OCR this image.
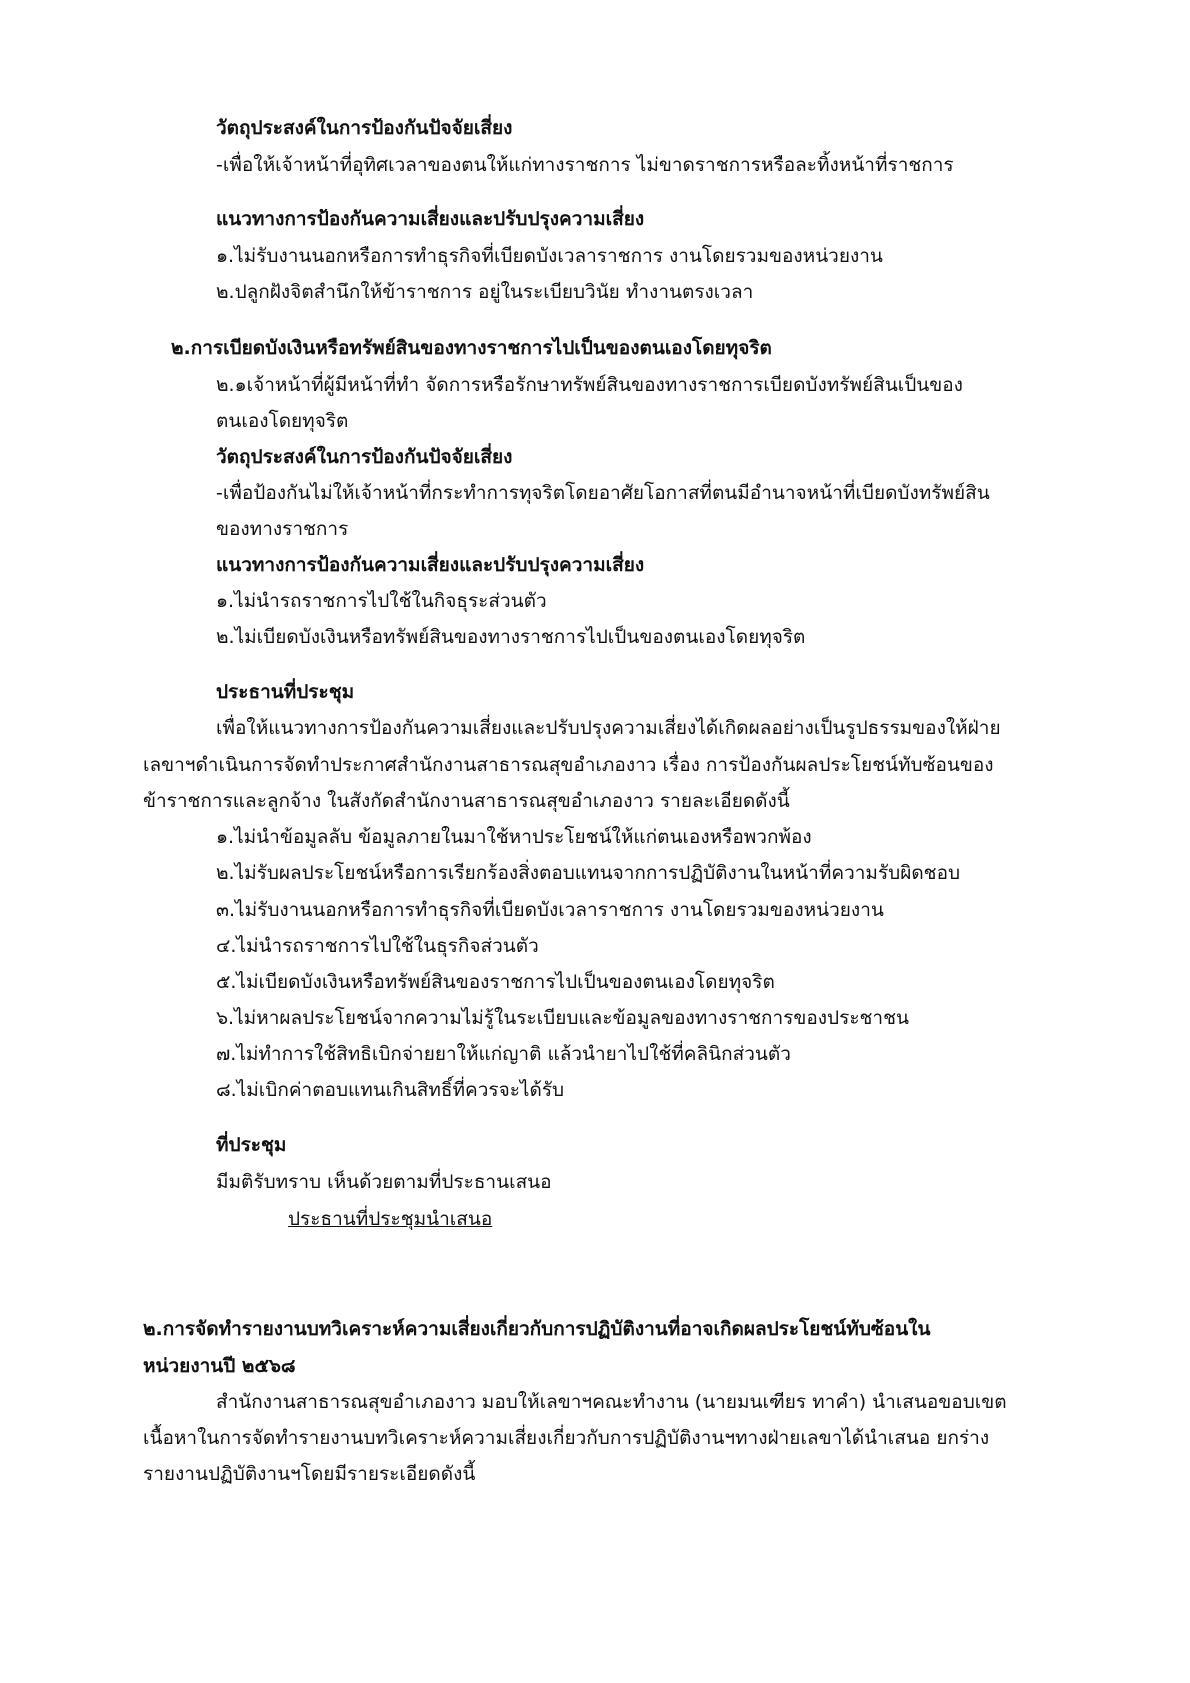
วัตถุประสงค์ในการป้องกันปัจจัยเสี่ยง
-เพื่อให้เจ้าหน้าที่อุทิศเวลาของตนให้แก่ทางราชการ ไม่ขาดราชการหรือละทิ้งหน้าที่ราชการ
แนวทางการป้องกันความเสี่ยงและปรับปรุงความเสี่ยง
๑.ไม่รับงานนอกหรือการทำธุรกิจที่เบียดบังเวลาราชการ งานโดยรวมของหน่วยงาน
๒.ปลูกฝังจิตสำนึกให้ข้าราชการ อยู่ในระเบียบวินัย ทำงานตรงเวลา
๒.การเบียดบังเงินหรือทรัพย์สินของทางราชการไปเป็นของตนเองโดยทุจริต
๒.๑เจ้าหน้าที่ผู้มีหน้าที่ทำ จัดการหรือรักษาทรัพย์สินของทางราชการเบียดบังทรัพย์สินเป็นของ
ตนเองโดยทุจริต
วัตถุประสงค์ในการป้องกันปัจจัยเสี่ยง
-เพื่อป้องกันไม่ให้เจ้าหน้าที่กระทำการทุจริตโดยอาศัยโอกาสที่ตนมีอำนาจหน้าที่เบียดบังทรัพย์สิน
ของทางราชการ
แนวทางการป้องกันความเสี่ยงและปรับปรุงความเสี่ยง
๑.ไม่นำรถราชการไปใช้ในกิจธุระส่วนตัว
๒.ไม่เบียดบังเงินหรือทรัพย์สินของทางราชการไปเป็นของตนเองโดยทุจริต
ประธานที่ประชุม
เพื่อให้แนวทางการป้องกันความเสี่ยงและปรับปรุงความเสี่ยงได้เกิดผลอย่างเป็นรูปธรรมของให้ฝ่าย
เลขาฯดำเนินการจัดทำประกาศสำนักงานสาธารณสุขอำเภองาว เรื่อง การป้องกันผลประโยชน์ทับซ้อนของ
ข้าราชการและลูกจ้าง ในสังกัดสำนักงานสาธารณสุขอำเภองาว รายละเอียดดังนี้
๑.ไม่นำข้อมูลลับ ข้อมูลภายในมาใช้หาประโยชน์ให้แก่ตนเองหรือพวกพ้อง
๒.ไม่รับผลประโยชน์หรือการเรียกร้องสิ่งตอบแทนจากการปฏิบัติงานในหน้าที่ความรับผิดชอบ
๓.ไม่รับงานนอกหรือการทำธุรกิจที่เบียดบังเวลาราชการ งานโดยรวมของหน่วยงาน
๔.ไม่นำรถราชการไปใช้ในธุรกิจส่วนตัว
๕.ไม่เบียดบังเงินหรือทรัพย์สินของราชการไปเป็นของตนเองโดยทุจริต
๖.ไม่หาผลประโยชน์จากความไม่รู้ในระเบียบและข้อมูลของทางราชการของประชาชน
๗.ไม่ทำการใช้สิทธิเบิกจ่ายยาให้แก่ญาติ แล้วนำยาไปใช้ที่คลินิกส่วนตัว
๘.ไม่เบิกค่าตอบแทนเกินสิทธิ์ที่ควรจะได้รับ
ที่ประชุม
มีมติรับทราบ เห็นด้วยตามที่ประธานเสนอ
ประธานที่ประชุมนำเสนอ
๒.การจัดทำรายงานบทวิเคราะห์ความเสี่ยงเกี่ยวกับการปฏิบัติงานที่อาจเกิดผลประโยชน์ทับซ้อนใน
หน่วยงานปี ๒๕๖๘
สำนักงานสาธารณสุขอำเภองาว มอบให้เลขาฯคณะทำงาน (นายมนเฑียร ทาคำ) นำเสนอขอบเขต
เนื้อหาในการจัดทำรายงานบทวิเคราะห์ความเสี่ยงเกี่ยวกับการปฏิบัติงานฯทางฝ่ายเลขาได้นำเสนอ ยกร่าง
รายงานปฏิบัติงานฯโดยมีรายระเอียดดังนี้
